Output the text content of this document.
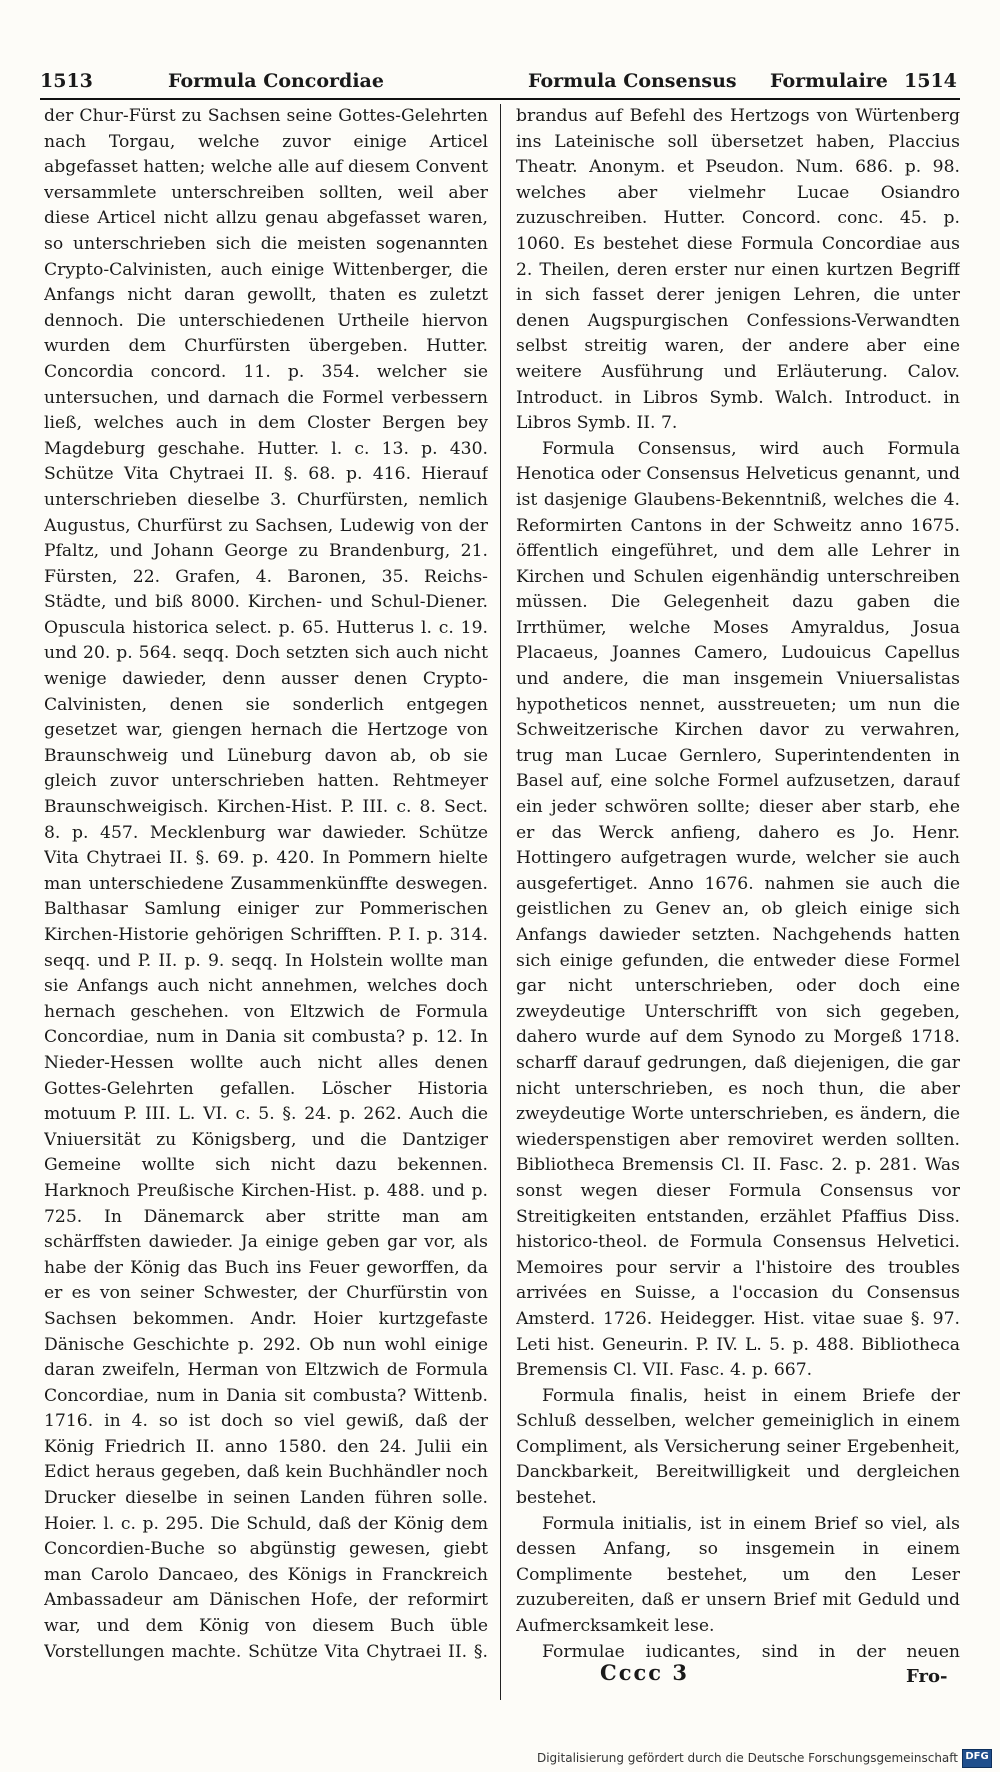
1513	Formula Concordiae	Formula Consensus Formulaire 1514

der Chur-Fürst zu Sachsen seine Gottes-Gelehrten nach Torgau, welche zuvor einige Articel abgefasset hatten; welche alle auf diesem Convent versammlete unterschreiben sollten, weil aber diese Articel nicht allzu genau abgefasset waren, so unterschrieben sich die meisten sogenannten Crypto-Calvinisten, auch einige Wittenberger, die Anfangs nicht daran gewollt, thaten es zuletzt dennoch. Die unterschiedenen Urtheile hiervon wurden dem Churfürsten übergeben. Hutter. Concordia concord. 11. p. 354. welcher sie untersuchen, und darnach die Formel verbessern ließ, welches auch in dem Closter Bergen bey Magdeburg geschahe. Hutter. l. c. 13. p. 430. Schütze Vita Chytraei II. §. 68. p. 416. Hierauf unterschrieben dieselbe 3. Churfürsten, nemlich Augustus, Churfürst zu Sachsen, Ludewig von der Pfaltz, und Johann George zu Brandenburg, 21. Fürsten, 22. Grafen, 4. Baronen, 35. Reichs-Städte, und biß 8000. Kirchen- und Schul-Diener. Opuscula historica select. p. 65. Hutterus l. c. 19. und 20. p. 564. seqq. Doch setzten sich auch nicht wenige dawieder, denn ausser denen Crypto-Calvinisten, denen sie sonderlich entgegen gesetzet war, giengen hernach die Hertzoge von Braunschweig und Lüneburg davon ab, ob sie gleich zuvor unterschrieben hatten. Rehtmeyer Braunschweigisch. Kirchen-Hist. P. III. c. 8. Sect. 8. p. 457. Mecklenburg war dawieder. Schütze Vita Chytraei II. §. 69. p. 420. In Pommern hielte man unterschiedene Zusammenkünffte deswegen. Balthasar Samlung einiger zur Pommerischen Kirchen-Historie gehörigen Schrifften. P. I. p. 314. seqq. und P. II. p. 9. seqq. In Holstein wollte man sie Anfangs auch nicht annehmen, welches doch hernach geschehen. von Eltzwich de Formula Concordiae, num in Dania sit combusta? p. 12. In Nieder-Hessen wollte auch nicht alles denen Gottes-Gelehrten gefallen. Löscher Historia motuum P. III. L. VI. c. 5. §. 24. p. 262. Auch die Vniuersität zu Königsberg, und die Dantziger Gemeine wollte sich nicht dazu bekennen. Harknoch Preußische Kirchen-Hist. p. 488. und p. 725. In Dänemarck aber stritte man am schärffsten dawieder. Ja einige geben gar vor, als habe der König das Buch ins Feuer geworffen, da er es von seiner Schwester, der Churfürstin von Sachsen bekommen. Andr. Hoier kurtzgefaste Dänische Geschichte p. 292. Ob nun wohl einige daran zweifeln, Herman von Eltzwich de Formula Concordiae, num in Dania sit combusta? Wittenb. 1716. in 4. so ist doch so viel gewiß, daß der König Friedrich II. anno 1580. den 24. Julii ein Edict heraus gegeben, daß kein Buchhändler noch Drucker dieselbe in seinen Landen führen solle. Hoier. l. c. p. 295. Die Schuld, daß der König dem Concordien-Buche so abgünstig gewesen, giebt man Carolo Dancaeo, des Königs in Franckreich Ambassadeur am Dänischen Hofe, der reformirt war, und dem König von diesem Buch üble Vorstellungen machte. Schütze Vita Chytraei II. §.

brandus auf Befehl des Hertzogs von Würtenberg ins Lateinische soll übersetzet haben, Placcius Theatr. Anonym. et Pseudon. Num. 686. p. 98. welches aber vielmehr Lucae Osiandro zuzuschreiben. Hutter. Concord. conc. 45. p. 1060. Es bestehet diese Formula Concordiae aus 2. Theilen, deren erster nur einen kurtzen Begriff in sich fasset derer jenigen Lehren, die unter denen Augspurgischen Confessions-Verwandten selbst streitig waren, der andere aber eine weitere Ausführung und Erläuterung. Calov. Introduct. in Libros Symb. Walch. Introduct. in Libros Symb. II. 7.

Formula Consensus, wird auch Formula Henotica oder Consensus Helveticus genannt, und ist dasjenige Glaubens-Bekenntniß, welches die 4. Reformirten Cantons in der Schweitz anno 1675. öffentlich eingeführet, und dem alle Lehrer in Kirchen und Schulen eigenhändig unterschreiben müssen. Die Gelegenheit dazu gaben die Irrthümer, welche Moses Amyraldus, Josua Placaeus, Joannes Camero, Ludouicus Capellus und andere, die man insgemein Vniuersalistas hypotheticos nennet, ausstreueten; um nun die Schweitzerische Kirchen davor zu verwahren, trug man Lucae Gernlero, Superintendenten in Basel auf, eine solche Formel aufzusetzen, darauf ein jeder schwören sollte; dieser aber starb, ehe er das Werck anfieng, dahero es Jo. Henr. Hottingero aufgetragen wurde, welcher sie auch ausgefertiget. Anno 1676. nahmen sie auch die geistlichen zu Genev an, ob gleich einige sich Anfangs dawieder setzten. Nachgehends hatten sich einige gefunden, die entweder diese Formel gar nicht unterschrieben, oder doch eine zweydeutige Unterschrifft von sich gegeben, dahero wurde auf dem Synodo zu Morgeß 1718. scharff darauf gedrungen, daß diejenigen, die gar nicht unterschrieben, es noch thun, die aber zweydeutige Worte unterschrieben, es ändern, die wiederspenstigen aber removiret werden sollten. Bibliotheca Bremensis Cl. II. Fasc. 2. p. 281. Was sonst wegen dieser Formula Consensus vor Streitigkeiten entstanden, erzählet Pfaffius Diss. historico-theol. de Formula Consensus Helvetici. Memoires pour servir a l'histoire des troubles arrivées en Suisse, a l'occasion du Consensus Amsterd. 1726. Heidegger. Hist. vitae suae §. 97. Leti hist. Geneurin. P. IV. L. 5. p. 488. Bibliotheca Bremensis Cl. VII. Fasc. 4. p. 667.

Formula finalis, heist in einem Briefe der Schluß desselben, welcher gemeiniglich in einem Compliment, als Versicherung seiner Ergebenheit, Danckbarkeit, Bereitwilligkeit und dergleichen bestehet.

Formula initialis, ist in einem Brief so viel, als dessen Anfang, so insgemein in einem Complimente bestehet, um den Leser zuzubereiten, daß er unsern Brief mit Geduld und Aufmercksamkeit lese.

Formulae iudicantes, sind in der neuen

Cccc 3	Fro-
Digitalisierung gefördert durch die Deutsche Forschungsgemeinschaft DFG
